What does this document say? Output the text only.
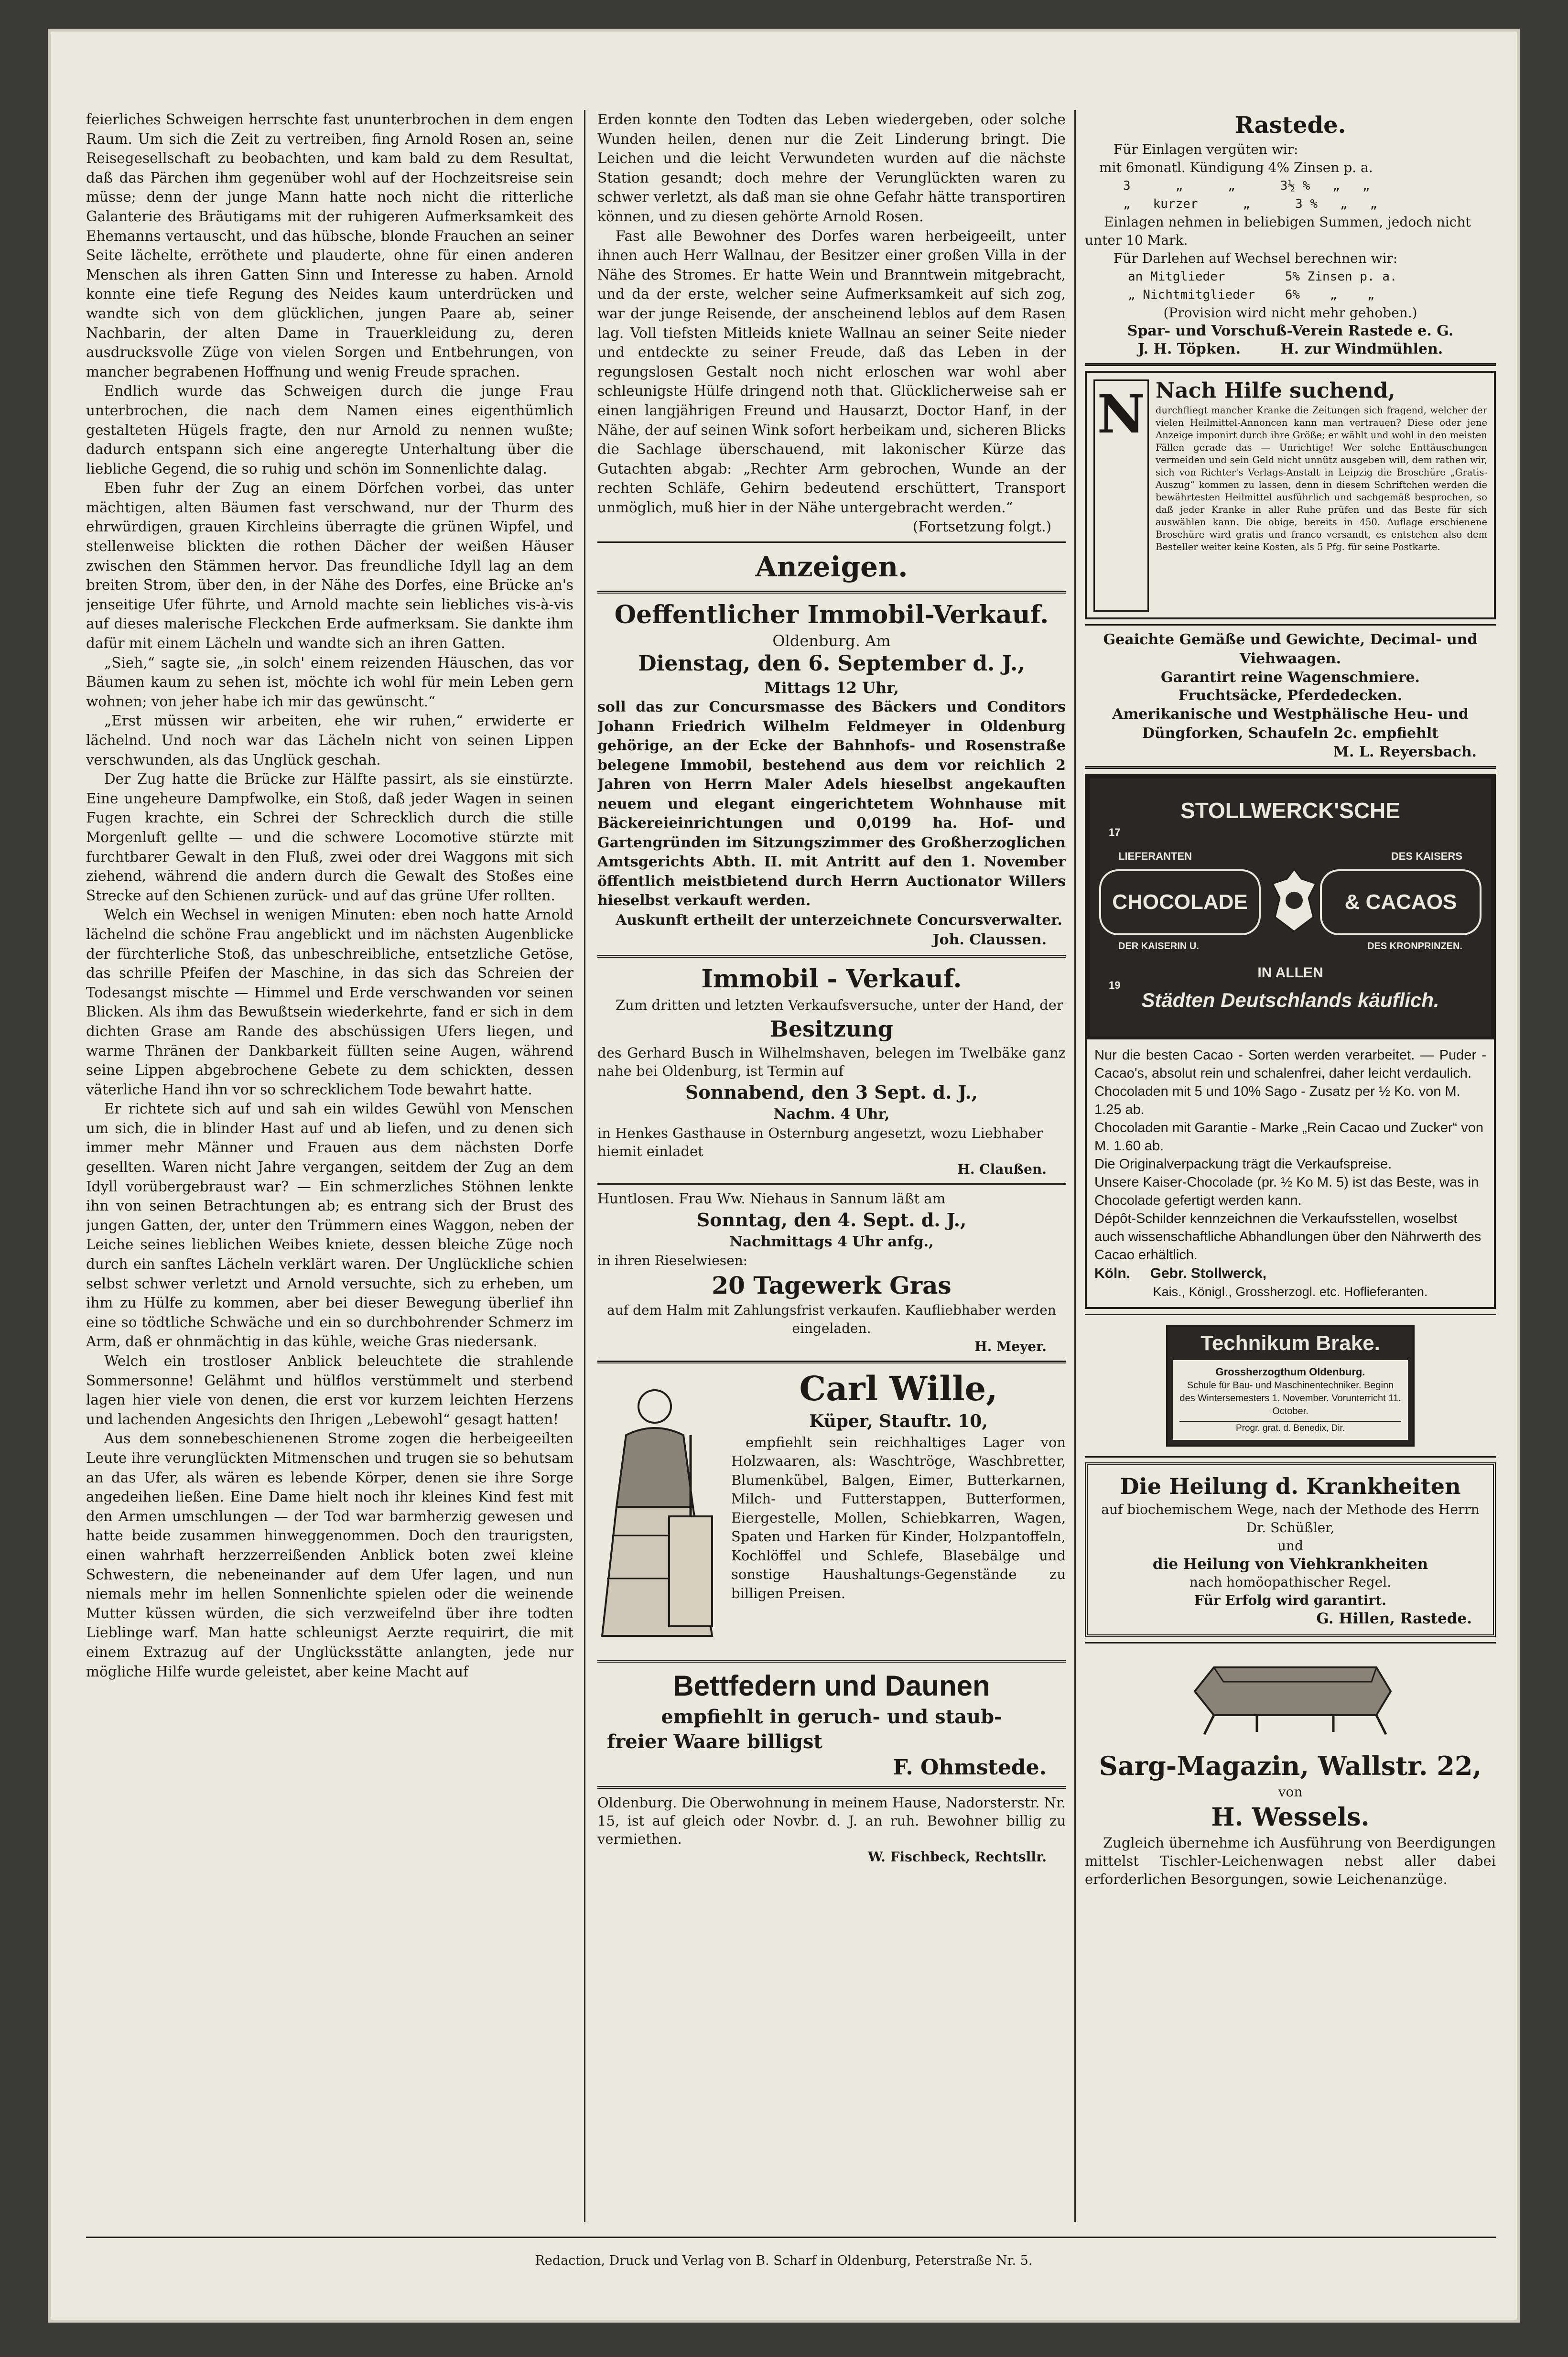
feierliches Schweigen herrschte fast ununterbrochen in dem engen Raum. Um sich die Zeit zu vertreiben, fing Arnold Rosen an, seine Reisegesellschaft zu beobachten, und kam bald zu dem Resultat, daß das Pärchen ihm gegenüber wohl auf der Hochzeitsreise sein müsse; denn der junge Mann hatte noch nicht die ritterliche Galanterie des Bräutigams mit der ruhigeren Aufmerksamkeit des Ehemanns vertauscht, und das hübsche, blonde Frauchen an seiner Seite lächelte, erröthete und plauderte, ohne für einen anderen Menschen als ihren Gatten Sinn und Interesse zu haben. Arnold konnte eine tiefe Regung des Neides kaum unterdrücken und wandte sich von dem glücklichen, jungen Paare ab, seiner Nachbarin, der alten Dame in Trauerkleidung zu, deren ausdrucksvolle Züge von vielen Sorgen und Entbehrungen, von mancher begrabenen Hoffnung und wenig Freude sprachen.

Endlich wurde das Schweigen durch die junge Frau unterbrochen, die nach dem Namen eines eigenthümlich gestalteten Hügels fragte, den nur Arnold zu nennen wußte; dadurch entspann sich eine angeregte Unterhaltung über die liebliche Gegend, die so ruhig und schön im Sonnenlichte dalag.

Eben fuhr der Zug an einem Dörfchen vorbei, das unter mächtigen, alten Bäumen fast verschwand, nur der Thurm des ehrwürdigen, grauen Kirchleins überragte die grünen Wipfel, und stellenweise blickten die rothen Dächer der weißen Häuser zwischen den Stämmen hervor. Das freundliche Idyll lag an dem breiten Strom, über den, in der Nähe des Dorfes, eine Brücke an's jenseitige Ufer führte, und Arnold machte sein liebliches vis-à-vis auf dieses malerische Fleckchen Erde aufmerksam. Sie dankte ihm dafür mit einem Lächeln und wandte sich an ihren Gatten.

„Sieh,“ sagte sie, „in solch' einem reizenden Häuschen, das vor Bäumen kaum zu sehen ist, möchte ich wohl für mein Leben gern wohnen; von jeher habe ich mir das gewünscht.“

„Erst müssen wir arbeiten, ehe wir ruhen,“ erwiderte er lächelnd. Und noch war das Lächeln nicht von seinen Lippen verschwunden, als das Unglück geschah.

Der Zug hatte die Brücke zur Hälfte passirt, als sie einstürzte. Eine ungeheure Dampfwolke, ein Stoß, daß jeder Wagen in seinen Fugen krachte, ein Schrei der Schrecklich durch die stille Morgenluft gellte — und die schwere Locomotive stürzte mit furchtbarer Gewalt in den Fluß, zwei oder drei Waggons mit sich ziehend, während die andern durch die Gewalt des Stoßes eine Strecke auf den Schienen zurück- und auf das grüne Ufer rollten.

Welch ein Wechsel in wenigen Minuten: eben noch hatte Arnold lächelnd die schöne Frau angeblickt und im nächsten Augenblicke der fürchterliche Stoß, das unbeschreibliche, entsetzliche Getöse, das schrille Pfeifen der Maschine, in das sich das Schreien der Todesangst mischte — Himmel und Erde verschwanden vor seinen Blicken. Als ihm das Bewußtsein wiederkehrte, fand er sich in dem dichten Grase am Rande des abschüssigen Ufers liegen, und warme Thränen der Dankbarkeit füllten seine Augen, während seine Lippen abgebrochene Gebete zu dem schickten, dessen väterliche Hand ihn vor so schrecklichem Tode bewahrt hatte.

Er richtete sich auf und sah ein wildes Gewühl von Menschen um sich, die in blinder Hast auf und ab liefen, und zu denen sich immer mehr Männer und Frauen aus dem nächsten Dorfe gesellten. Waren nicht Jahre vergangen, seitdem der Zug an dem Idyll vorübergebraust war? — Ein schmerzliches Stöhnen lenkte ihn von seinen Betrachtungen ab; es entrang sich der Brust des jungen Gatten, der, unter den Trümmern eines Waggon, neben der Leiche seines lieblichen Weibes kniete, dessen bleiche Züge noch durch ein sanftes Lächeln verklärt waren. Der Unglückliche schien selbst schwer verletzt und Arnold versuchte, sich zu erheben, um ihm zu Hülfe zu kommen, aber bei dieser Bewegung überlief ihn eine so tödtliche Schwäche und ein so durchbohrender Schmerz im Arm, daß er ohnmächtig in das kühle, weiche Gras niedersank.

Welch ein trostloser Anblick beleuchtete die strahlende Sommersonne! Gelähmt und hülflos verstümmelt und sterbend lagen hier viele von denen, die erst vor kurzem leichten Herzens und lachenden Angesichts den Ihrigen „Lebewohl“ gesagt hatten!

Aus dem sonnebeschienenen Strome zogen die herbeigeeilten Leute ihre verunglückten Mitmenschen und trugen sie so behutsam an das Ufer, als wären es lebende Körper, denen sie ihre Sorge angedeihen ließen. Eine Dame hielt noch ihr kleines Kind fest mit den Armen umschlungen — der Tod war barmherzig gewesen und hatte beide zusammen hinweggenommen. Doch den traurigsten, einen wahrhaft herzzerreißenden Anblick boten zwei kleine Schwestern, die nebeneinander auf dem Ufer lagen, und nun niemals mehr im hellen Sonnenlichte spielen oder die weinende Mutter küssen würden, die sich verzweifelnd über ihre todten Lieblinge warf. Man hatte schleunigst Aerzte requirirt, die mit einem Extrazug auf der Unglücksstätte anlangten, jede nur mögliche Hilfe wurde geleistet, aber keine Macht auf

Erden konnte den Todten das Leben wiedergeben, oder solche Wunden heilen, denen nur die Zeit Linderung bringt. Die Leichen und die leicht Verwundeten wurden auf die nächste Station gesandt; doch mehre der Verunglückten waren zu schwer verletzt, als daß man sie ohne Gefahr hätte transportiren können, und zu diesen gehörte Arnold Rosen.

Fast alle Bewohner des Dorfes waren herbeigeeilt, unter ihnen auch Herr Wallnau, der Besitzer einer großen Villa in der Nähe des Stromes. Er hatte Wein und Branntwein mitgebracht, und da der erste, welcher seine Aufmerksamkeit auf sich zog, war der junge Reisende, der anscheinend leblos auf dem Rasen lag. Voll tiefsten Mitleids kniete Wallnau an seiner Seite nieder und entdeckte zu seiner Freude, daß das Leben in der regungslosen Gestalt noch nicht erloschen war wohl aber schleunigste Hülfe dringend noth that. Glücklicherweise sah er einen langjährigen Freund und Hausarzt, Doctor Hanf, in der Nähe, der auf seinen Wink sofort herbeikam und, sicheren Blicks die Sachlage überschauend, mit lakonischer Kürze das Gutachten abgab: „Rechter Arm gebrochen, Wunde an der rechten Schläfe, Gehirn bedeutend erschüttert, Transport unmöglich, muß hier in der Nähe untergebracht werden.“

(Fortsetzung folgt.)

Anzeigen.
Oeffentlicher Immobil-Verkauf.

Oldenburg. Am

Dienstag, den 6. September d. J.,
Mittags 12 Uhr,

soll das zur Concursmasse des Bäckers und Conditors Johann Friedrich Wilhelm Feldmeyer in Oldenburg gehörige, an der Ecke der Bahnhofs- und Rosenstraße belegene Immobil, bestehend aus dem vor reichlich 2 Jahren von Herrn Maler Adels hieselbst angekauften neuem und elegant eingerichtetem Wohnhause mit Bäckereieinrichtungen und 0,0199 ha. Hof- und Gartengründen im Sitzungszimmer des Großherzoglichen Amtsgerichts Abth. II. mit Antritt auf den 1. November öffentlich meistbietend durch Herrn Auctionator Willers hieselbst verkauft werden.

Auskunft ertheilt der unterzeichnete Concursverwalter.

Joh. Claussen.

Immobil - Verkauf.

Zum dritten und letzten Verkaufsversuche, unter der Hand, der

Besitzung

des Gerhard Busch in Wilhelmshaven, belegen im Twelbäke ganz nahe bei Oldenburg, ist Termin auf

Sonnabend, den 3 Sept. d. J.,
Nachm. 4 Uhr,

in Henkes Gasthause in Osternburg angesetzt, wozu Liebhaber hiemit einladet

H. Claußen.

Huntlosen. Frau Ww. Niehaus in Sannum läßt am

Sonntag, den 4. Sept. d. J.,
Nachmittags 4 Uhr anfg.,

in ihren Rieselwiesen:

20 Tagewerk Gras

auf dem Halm mit Zahlungsfrist verkaufen. Kaufliebhaber werden eingeladen.

H. Meyer.

Carl Wille,
Küper, Stauftr. 10,

empfiehlt sein reichhaltiges Lager von Holzwaaren, als: Waschtröge, Waschbretter, Blumenkübel, Balgen, Eimer, Butterkarnen, Milch- und Futterstappen, Butterformen, Eiergestelle, Mollen, Schiebkarren, Wagen, Spaten und Harken für Kinder, Holzpantoffeln, Kochlöffel und Schlefe, Blasebälge und sonstige Haushaltungs-Gegenstände zu billigen Preisen.

Bettfedern und Daunen
empfiehlt in geruch- und staub-
freier Waare billigst
F. Ohmstede.

Oldenburg. Die Oberwohnung in meinem Hause, Nadorsterstr. Nr. 15, ist auf gleich oder Novbr. d. J. an ruh. Bewohner billig zu vermiethen.

W. Fischbeck, Rechtsllr.

Rastede.

Für Einlagen vergüten wir:

mit 6monatl. Kündigung 4% Zinsen p. a.

3      „      „      3½ %   „   „

„   kurzer      „      3 %   „   „

Einlagen nehmen in beliebigen Summen, jedoch nicht unter 10 Mark.

Für Darlehen auf Wechsel berechnen wir:

an Mitglieder        5% Zinsen p. a.

„ Nichtmitglieder    6%    „    „

(Provision wird nicht mehr gehoben.)

Spar- und Vorschuß-Verein Rastede e. G.

J. H. Töpken.        H. zur Windmühlen.

N Nach Hilfe suchend,

durchfliegt mancher Kranke die Zeitungen sich fragend, welcher der vielen Heilmittel-Annoncen kann man vertrauen? Diese oder jene Anzeige imponirt durch ihre Größe; er wählt und wohl in den meisten Fällen gerade das — Unrichtige! Wer solche Enttäuschungen vermeiden und sein Geld nicht unnütz ausgeben will, dem rathen wir, sich von Richter's Verlags-Anstalt in Leipzig die Broschüre „Gratis-Auszug“ kommen zu lassen, denn in diesem Schriftchen werden die bewährtesten Heilmittel ausführlich und sachgemäß besprochen, so daß jeder Kranke in aller Ruhe prüfen und das Beste für sich auswählen kann. Die obige, bereits in 450. Auflage erschienene Broschüre wird gratis und franco versandt, es entstehen also dem Besteller weiter keine Kosten, als 5 Pfg. für seine Postkarte.

Geaichte Gemäße und Gewichte, Decimal- und Viehwaagen.

Garantirt reine Wagenschmiere.

Fruchtsäcke, Pferdedecken.

Amerikanische und Westphälische Heu- und Düngforken, Schaufeln 2c. empfiehlt

M. L. Reyersbach.

STOLLWERCK'SCHE
17
19
LIEFERANTEN	DES KAISERS
CHOCOLADE	& CACAOS
DER KAISERIN U.	DES KRONPRINZEN.
IN ALLEN
Städten Deutschlands käuflich.

Nur die besten Cacao - Sorten werden verarbeitet. — Puder - Cacao's, absolut rein und schalenfrei, daher leicht verdaulich.

Chocoladen mit 5 und 10% Sago - Zusatz per ½ Ko. von M. 1.25 ab.

Chocoladen mit Garantie - Marke „Rein Cacao und Zucker“ von M. 1.60 ab.

Die Originalverpackung trägt die Verkaufspreise.

Unsere Kaiser-Chocolade (pr. ½ Ko M. 5) ist das Beste, was in Chocolade gefertigt werden kann.

Dépôt-Schilder kennzeichnen die Verkaufsstellen, woselbst auch wissenschaftliche Abhandlungen über den Nährwerth des Cacao erhältlich.

Köln.     Gebr. Stollwerck,

Kais., Königl., Grossherzogl. etc. Hoflieferanten.

Technikum Brake.

Grossherzogthum Oldenburg.

Schule für Bau- und Maschinentechniker. Beginn des Wintersemesters 1. November. Vorunterricht 11. October.

Progr. grat. d. Benedix, Dir.

Die Heilung d. Krankheiten

auf biochemischem Wege, nach der Methode des Herrn Dr. Schüßler,

und

die Heilung von Viehkrankheiten

nach homöopathischer Regel.

Für Erfolg wird garantirt.

G. Hillen, Rastede.

Sarg-Magazin, Wallstr. 22,

von

H. Wessels.

Zugleich übernehme ich Ausführung von Beerdigungen mittelst Tischler-Leichenwagen nebst aller dabei erforderlichen Besorgungen, sowie Leichenanzüge.

Redaction, Druck und Verlag von B. Scharf in Oldenburg, Peterstraße Nr. 5.
